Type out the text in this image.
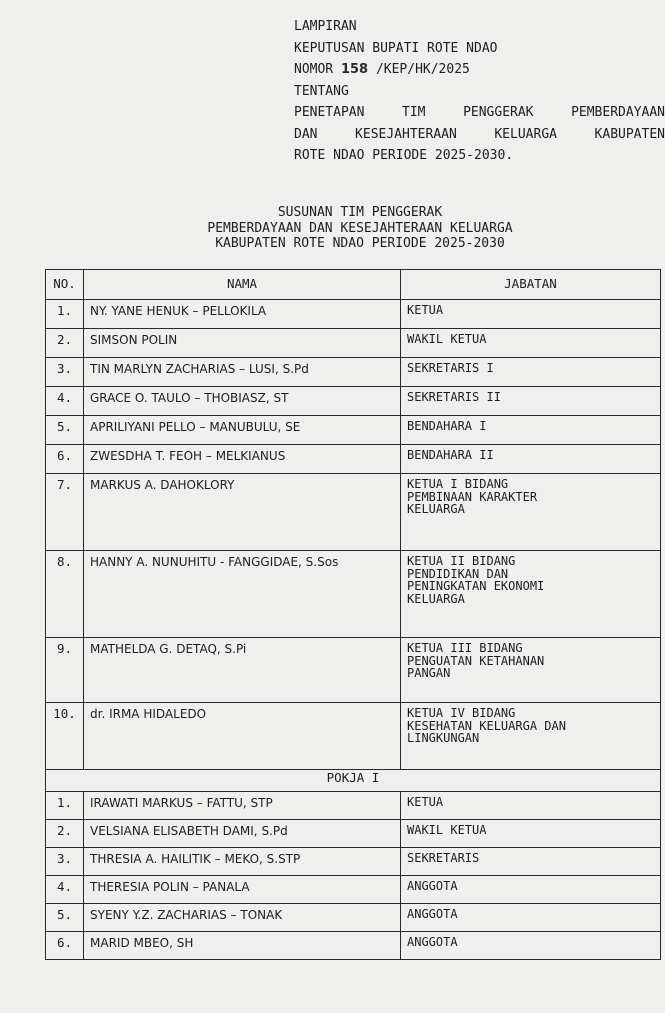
LAMPIRAN
KEPUTUSAN BUPATI ROTE NDAO
NOMOR 158 /KEP/HK/2025
TENTANG
PENETAPAN	TIM	PENGGERAK	PEMBERDAYAAN
DAN	KESEJAHTERAAN	KELUARGA	KABUPATEN
ROTE NDAO PERIODE 2025-2030.
SUSUNAN TIM PENGGERAK
PEMBERDAYAAN DAN KESEJAHTERAAN KELUARGA
KABUPATEN ROTE NDAO PERIODE 2025-2030
NO.	NAMA	JABATAN
1.	NY. YANE HENUK – PELLOKILA	KETUA

2.	SIMSON POLIN	WAKIL KETUA

3.	TIN MARLYN ZACHARIAS – LUSI, S.Pd	SEKRETARIS I

4.	GRACE O. TAULO – THOBIASZ, ST	SEKRETARIS II

5.	APRILIYANI PELLO – MANUBULU, SE	BENDAHARA I

6.	ZWESDHA T. FEOH – MELKIANUS	BENDAHARA II

7.	MARKUS A. DAHOKLORY	KETUA I BIDANG
PEMBINAAN KARAKTER
KELUARGA

8.	HANNY A. NUNUHITU - FANGGIDAE, S.Sos	KETUA II BIDANG
PENDIDIKAN DAN
PENINGKATAN EKONOMI
KELUARGA

9.	MATHELDA G. DETAQ, S.Pi	KETUA III BIDANG
PENGUATAN KETAHANAN
PANGAN

10.	dr. IRMA HIDALEDO	KETUA IV BIDANG
KESEHATAN KELUARGA DAN
LINGKUNGAN

POKJA I		
1.	IRAWATI MARKUS – FATTU, STP	KETUA

2.	VELSIANA ELISABETH DAMI, S.Pd	WAKIL KETUA

3.	THRESIA A. HAILITIK – MEKO, S.STP	SEKRETARIS

4.	THERESIA POLIN – PANALA	ANGGOTA

5.	SYENY Y.Z. ZACHARIAS – TONAK	ANGGOTA

6.	MARID MBEO, SH	ANGGOTA
